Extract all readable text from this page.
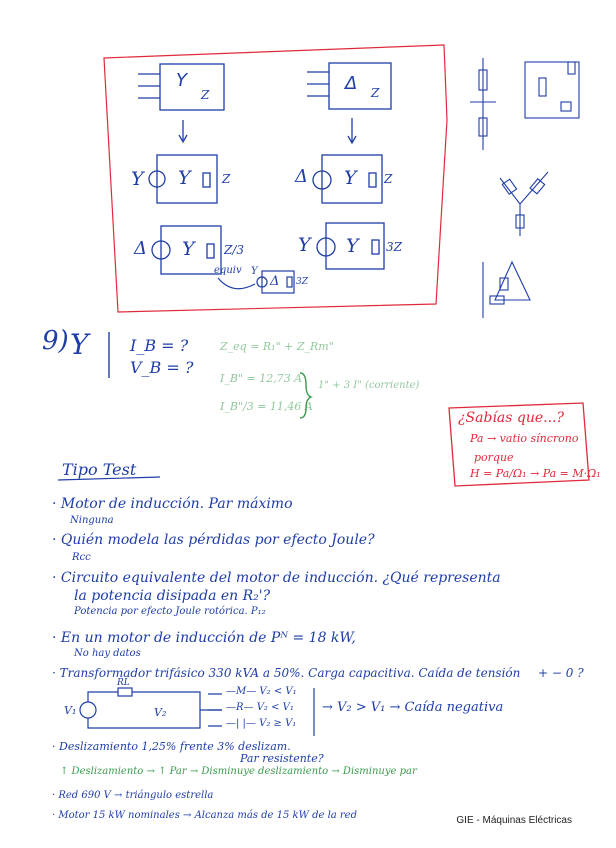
Y
Z
Δ Z
Y Y	Z	Δ Y Z
Δ Y Z/3	Y Y 3Z
equiv Y
Δ 3Z
9) Y	I_B = ?
V_B = ?
Z_eq = R₁" + Z_Rm"
I_B" = 12,73 A
I_B"/3 = 11,46 A
1" + 3 I" (corriente)
¿Sabías que...?
Pa → vatio síncrono
porque
H = Pa/Ω₁ → Pa = M·Ω₁
Tipo Test
· Motor de inducción. Par máximo
Ninguna
· Quién modela las pérdidas por efecto Joule?
Rcc
· Circuito equivalente del motor de inducción. ¿Qué representa
la potencia disipada en R₂'?
Potencia por efecto Joule rotórica. P₁₂
· En un motor de inducción de Pᴺ = 18 kW,
No hay datos
· Transformador trifásico 330 kVA a 50%. Carga capacitiva. Caída de tensión + − 0 ?
V₁
RL
V₂
—M— V₂ < V₁
—R— V₂ < V₁
—| |— V₂ ≥ V₁
→ V₂ > V₁ → Caída negativa
· Deslizamiento 1,25% frente 3% deslizam.
Par resistente?
↑ Deslizamiento → ↑ Par → Disminuye deslizamiento → Disminuye par
· Red 690 V → triángulo estrella
· Motor 15 kW nominales → Alcanza más de 15 kW de la red	GIE - Máquinas Eléctricas
